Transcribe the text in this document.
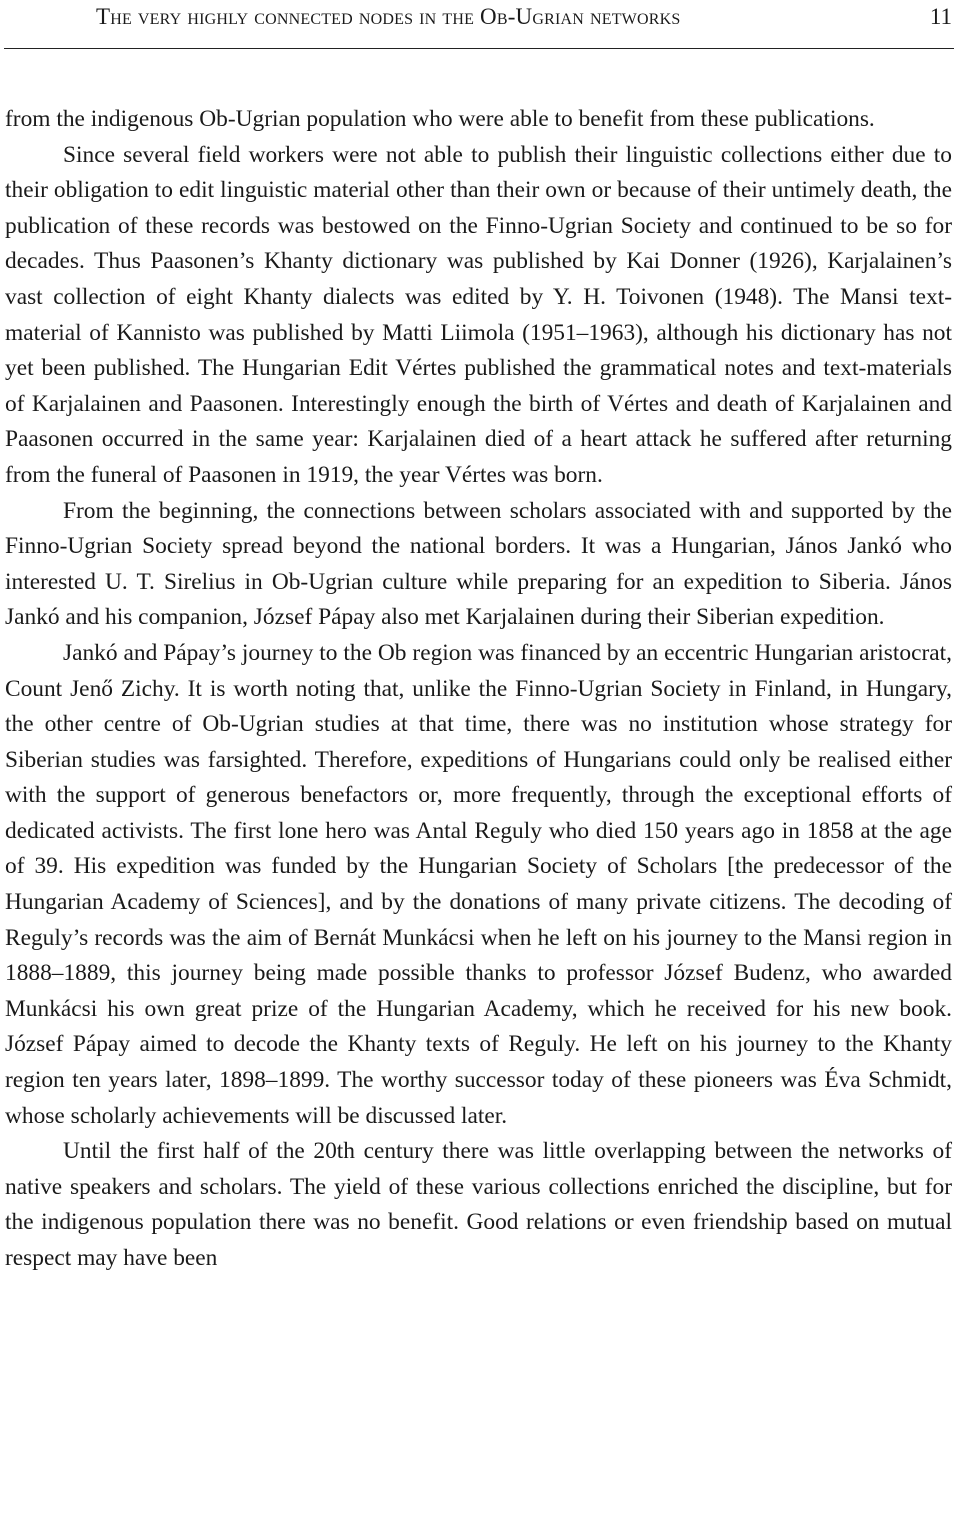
The very highly connected nodes in the Ob-Ugrian networks	11

from the indigenous Ob-Ugrian population who were able to benefit from these publications.

Since several field workers were not able to publish their linguistic collections either due to their obligation to edit linguistic material other than their own or because of their untimely death, the publication of these records was bestowed on the Finno-Ugrian Society and continued to be so for decades. Thus Paasonen’s Khanty dictionary was published by Kai Donner (1926), Karjalainen’s vast collection of eight Khanty dialects was edited by Y. H. Toivonen (1948). The Mansi text-material of Kannisto was published by Matti Liimola (1951–1963), although his dictionary has not yet been published. The Hungarian Edit Vértes published the grammatical notes and text-materials of Karjalainen and Paasonen. Interestingly enough the birth of Vértes and death of Karjalainen and Paasonen occurred in the same year: Karjalainen died of a heart attack he suffered after returning from the funeral of Paasonen in 1919, the year Vértes was born.

From the beginning, the connections between scholars associated with and supported by the Finno-Ugrian Society spread beyond the national borders. It was a Hungarian, János Jankó who interested U. T. Sirelius in Ob-Ugrian culture while preparing for an expedition to Siberia. János Jankó and his companion, József Pápay also met Karjalainen during their Siberian expedition.

Jankó and Pápay’s journey to the Ob region was financed by an eccentric Hungarian aristocrat, Count Jenő Zichy. It is worth noting that, unlike the Finno-Ugrian Society in Finland, in Hungary, the other centre of Ob-Ugrian studies at that time, there was no institution whose strategy for Siberian studies was farsighted. Therefore, expeditions of Hungarians could only be realised either with the support of generous benefactors or, more frequently, through the exceptional efforts of dedicated activists. The first lone hero was Antal Reguly who died 150 years ago in 1858 at the age of 39. His expedition was funded by the Hungarian Society of Scholars [the predecessor of the Hungarian Academy of Sciences], and by the donations of many private citizens. The decoding of Reguly’s records was the aim of Bernát Munkácsi when he left on his journey to the Mansi region in 1888–1889, this journey being made possible thanks to professor József Budenz, who awarded Munkácsi his own great prize of the Hungarian Academy, which he received for his new book. József Pápay aimed to decode the Khanty texts of Reguly. He left on his journey to the Khanty region ten years later, 1898–1899. The worthy successor today of these pioneers was Éva Schmidt, whose scholarly achievements will be discussed later.

Until the first half of the 20th century there was little overlapping between the networks of native speakers and scholars. The yield of these various collections enriched the discipline, but for the indigenous population there was no benefit. Good relations or even friendship based on mutual respect may have been
